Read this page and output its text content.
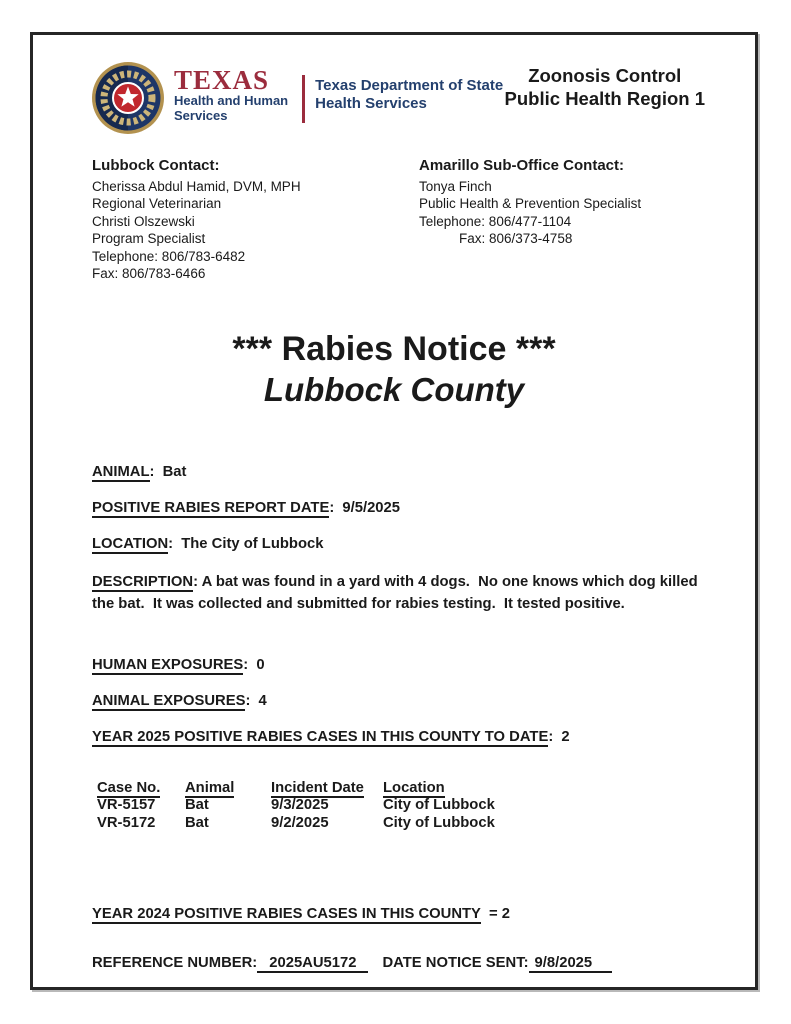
TEXAS
Health and Human
Services
Texas Department of State
Health Services
Zoonosis Control
Public Health Region 1
Lubbock Contact:
Cherissa Abdul Hamid, DVM, MPH
Regional Veterinarian
Christi Olszewski
Program Specialist
Telephone: 806/783-6482
Fax: 806/783-6466
Amarillo Sub-Office Contact:
Tonya Finch
Public Health & Prevention Specialist
Telephone: 806/477-1104
Fax: 806/373-4758
*** Rabies Notice ***
Lubbock County
ANIMAL: Bat
POSITIVE RABIES REPORT DATE: 9/5/2025
LOCATION: The City of Lubbock

DESCRIPTION: A bat was found in a yard with 4 dogs.  No one knows which dog killed the bat.  It was collected and submitted for rabies testing.  It tested positive.

HUMAN EXPOSURES: 0
ANIMAL EXPOSURES: 4
YEAR 2025 POSITIVE RABIES CASES IN THIS COUNTY TO DATE: 2
Case No.	Animal	Incident Date	Location
VR-5157	Bat	9/3/2025	City of Lubbock
VR-5172	Bat	9/2/2025	City of Lubbock
YEAR 2024 POSITIVE RABIES CASES IN THIS COUNTY = 2
REFERENCE NUMBER: 2025AU5172 DATE NOTICE SENT: 9/8/2025
